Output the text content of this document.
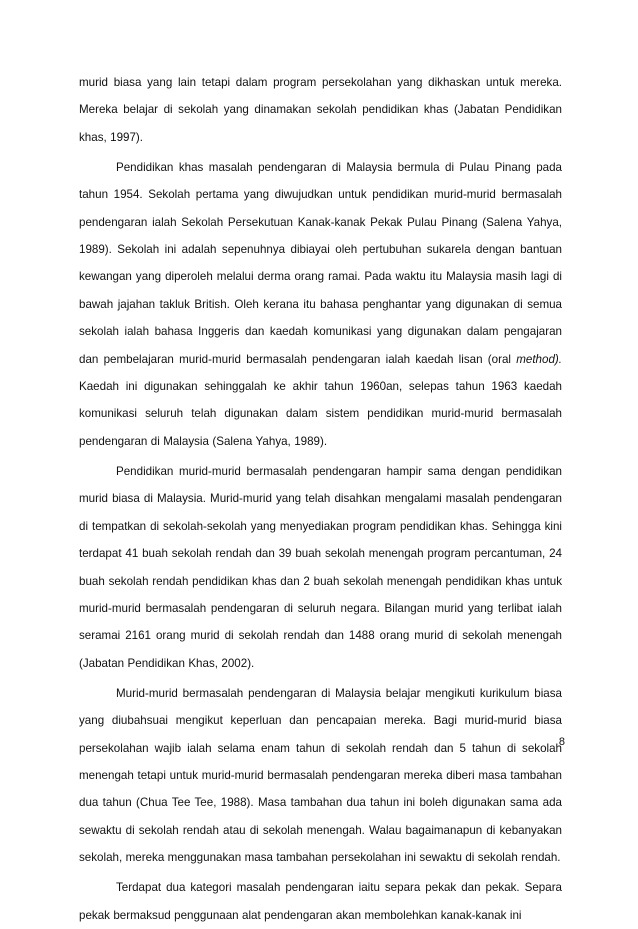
murid biasa yang lain tetapi dalam program persekolahan yang dikhaskan untuk mereka. Mereka belajar di sekolah yang dinamakan sekolah pendidikan khas (Jabatan Pendidikan khas, 1997).

Pendidikan khas masalah pendengaran di Malaysia bermula di Pulau Pinang pada tahun 1954. Sekolah pertama yang diwujudkan untuk pendidikan murid-murid bermasalah pendengaran ialah Sekolah Persekutuan Kanak-kanak Pekak Pulau Pinang (Salena Yahya, 1989). Sekolah ini adalah sepenuhnya dibiayai oleh pertubuhan sukarela dengan bantuan kewangan yang diperoleh melalui derma orang ramai. Pada waktu itu Malaysia masih lagi di bawah jajahan takluk British. Oleh kerana itu bahasa penghantar yang digunakan di semua sekolah ialah bahasa Inggeris dan kaedah komunikasi yang digunakan dalam pengajaran dan pembelajaran murid-murid bermasalah pendengaran ialah kaedah lisan (oral method). Kaedah ini digunakan sehinggalah ke akhir tahun 1960an, selepas tahun 1963 kaedah komunikasi seluruh telah digunakan dalam sistem pendidikan murid-murid bermasalah pendengaran di Malaysia (Salena Yahya, 1989).

Pendidikan murid-murid bermasalah pendengaran hampir sama dengan pendidikan murid biasa di Malaysia. Murid-murid yang telah disahkan mengalami masalah pendengaran di tempatkan di sekolah-sekolah yang menyediakan program pendidikan khas. Sehingga kini terdapat 41 buah sekolah rendah dan 39 buah sekolah menengah program percantuman, 24 buah sekolah rendah pendidikan khas dan 2 buah sekolah menengah pendidikan khas untuk murid-murid bermasalah pendengaran di seluruh negara. Bilangan murid yang terlibat ialah seramai 2161 orang murid di sekolah rendah dan 1488 orang murid di sekolah menengah (Jabatan Pendidikan Khas, 2002).

Murid-murid bermasalah pendengaran di Malaysia belajar mengikuti kurikulum biasa yang diubahsuai mengikut keperluan dan pencapaian mereka. Bagi murid-murid biasa persekolahan wajib ialah selama enam tahun di sekolah rendah dan 5 tahun di sekolah menengah tetapi untuk murid-murid bermasalah pendengaran mereka diberi masa tambahan dua tahun (Chua Tee Tee, 1988). Masa tambahan dua tahun ini boleh digunakan sama ada sewaktu di sekolah rendah atau di sekolah menengah. Walau bagaimanapun di kebanyakan sekolah, mereka menggunakan masa tambahan persekolahan ini sewaktu di sekolah rendah.

Terdapat dua kategori masalah pendengaran iaitu separa pekak dan pekak. Separa pekak bermaksud penggunaan alat pendengaran akan membolehkan kanak-kanak ini

8
